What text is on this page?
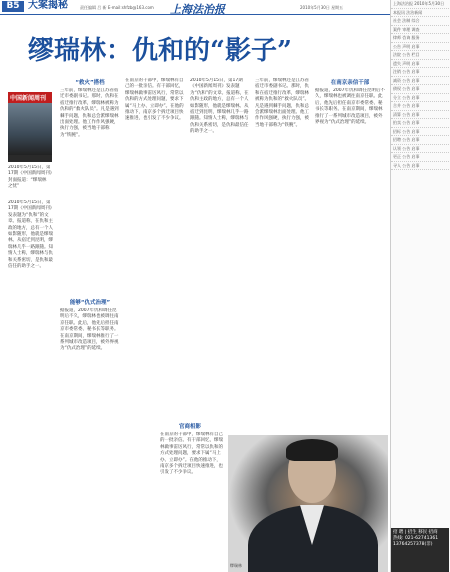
B5 大案揭秘	责任编辑 吕 新 E-mail:shfzb@163.com 上海法治报	2010年5月30日 星期五
缪瑞林：仇和的“影子”
中国新闻周刊
2010年5月15日，第
17期《中国新闻周刊》
封面报道：“缪瑞林
之忧”
“救火”搭档
能够“仇式治理”
官商相影
在南京亲信干部
2010年5月15日，第17期《中国新闻周刊》发表题为“仇和”的文章。报道称，在仇和主政的地方，总有一个人如影随形，他就是缪瑞林。从宿迁到昆明，缪瑞林几乎一路跟随。知情人士称，缪瑞林与仇和关系密切，是仇和最信任的助手之一。
三年前，缪瑞林还是江苏省宿迁市委副书记。那时，仇和在宿迁推行改革，缪瑞林被称为仇和的“救火队员”。凡是遇到棘手问题，仇和总会派缪瑞林出面处理。他工作作风强硬，执行力强，被当地干部称为“铁腕”。
据报道，2007年仇和调任昆明后不久，缪瑞林也被调往南京任职。此后，他先后担任南京市委常委、秘书长等职务。在南京期间，缪瑞林推行了一系列城市改造项目，被外界视为“仇式治理”的延续。
在南京的干部中，缪瑞林有自己的一批亲信。有干部回忆，缪瑞林做事雷厉风行，常常以仇和的方式处理问题，要求下属“马上办、立即办”。在他的推动下，南京多个拆迁项目快速推进，也引发了不少争议。
2010年5月15日，第17期《中国新闻周刊》发表题为“仇和”的文章。报道称，在仇和主政的地方，总有一个人如影随形，他就是缪瑞林。从宿迁到昆明，缪瑞林几乎一路跟随。知情人士称，缪瑞林与仇和关系密切，是仇和最信任的助手之一。
三年前，缪瑞林还是江苏省宿迁市委副书记。那时，仇和在宿迁推行改革，缪瑞林被称为仇和的“救火队员”。凡是遇到棘手问题，仇和总会派缪瑞林出面处理。他工作作风强硬，执行力强，被当地干部称为“铁腕”。
据报道，2007年仇和调任昆明后不久，缪瑞林也被调往南京任职。此后，他先后担任南京市委常委、秘书长等职务。在南京期间，缪瑞林推行了一系列城市改造项目，被外界视为“仇式治理”的延续。
在南京的干部中，缪瑞林有自己的一批亲信。有干部回忆，缪瑞林做事雷厉风行，常常以仇和的方式处理问题，要求下属“马上办、立即办”。在他的推动下，南京多个拆迁项目快速推进，也引发了不少争议。
缪瑞林
上海法治报 2010年5月30日
本报讯 法治新闻
社会 法制 综合
案件 审理 调查
律师 咨询 服务
公告 声明 启事
法院 公告 栏目
遗失 声明 启事
注销 公告 启事
减资 公告 启事
债权 公告 启事
分立 公告 启事
合并 公告 启事
清算 公告 启事
拍卖 公告 启事
招标 公告 启事
招聘 公告 启事
认领 公告 启事
更正 公告 启事
寻人 公告 启事
招 聘 | 招生 移民 招商
热线: 021-62741361
13764257378(非)
